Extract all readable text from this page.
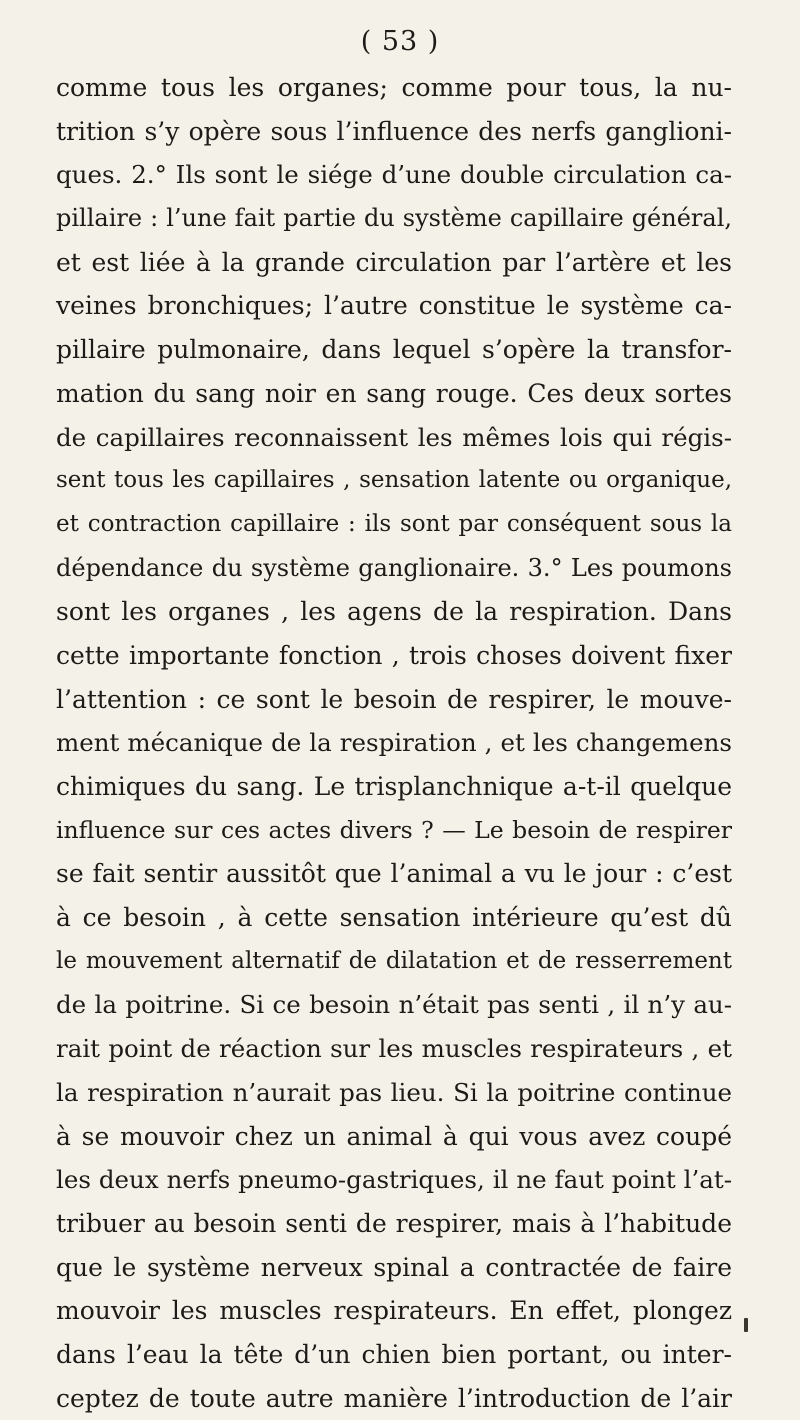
( 53 )
comme tous les organes; comme pour tous, la nu-
trition s’y opère sous l’influence des nerfs ganglioni-
ques. 2.° Ils sont le siége d’une double circulation ca-
pillaire : l’une fait partie du système capillaire général,
et est liée à la grande circulation par l’artère et les
veines bronchiques; l’autre constitue le système ca-
pillaire pulmonaire, dans lequel s’opère la transfor-
mation du sang noir en sang rouge. Ces deux sortes
de capillaires reconnaissent les mêmes lois qui régis-
sent tous les capillaires , sensation latente ou organique,
et contraction capillaire : ils sont par conséquent sous la
dépendance du système ganglionaire. 3.° Les poumons
sont les organes , les agens de la respiration. Dans
cette importante fonction , trois choses doivent fixer
l’attention : ce sont le besoin de respirer, le mouve-
ment mécanique de la respiration , et les changemens
chimiques du sang. Le trisplanchnique a-t-il quelque
influence sur ces actes divers ? — Le besoin de respirer
se fait sentir aussitôt que l’animal a vu le jour : c’est
à ce besoin , à cette sensation intérieure qu’est dû
le mouvement alternatif de dilatation et de resserrement
de la poitrine. Si ce besoin n’était pas senti , il n’y au-
rait point de réaction sur les muscles respirateurs , et
la respiration n’aurait pas lieu. Si la poitrine continue
à se mouvoir chez un animal à qui vous avez coupé
les deux nerfs pneumo-gastriques, il ne faut point l’at-
tribuer au besoin senti de respirer, mais à l’habitude
que le système nerveux spinal a contractée de faire
mouvoir les muscles respirateurs. En effet, plongez
dans l’eau la tête d’un chien bien portant, ou inter-
ceptez de toute autre manière l’introduction de l’air
